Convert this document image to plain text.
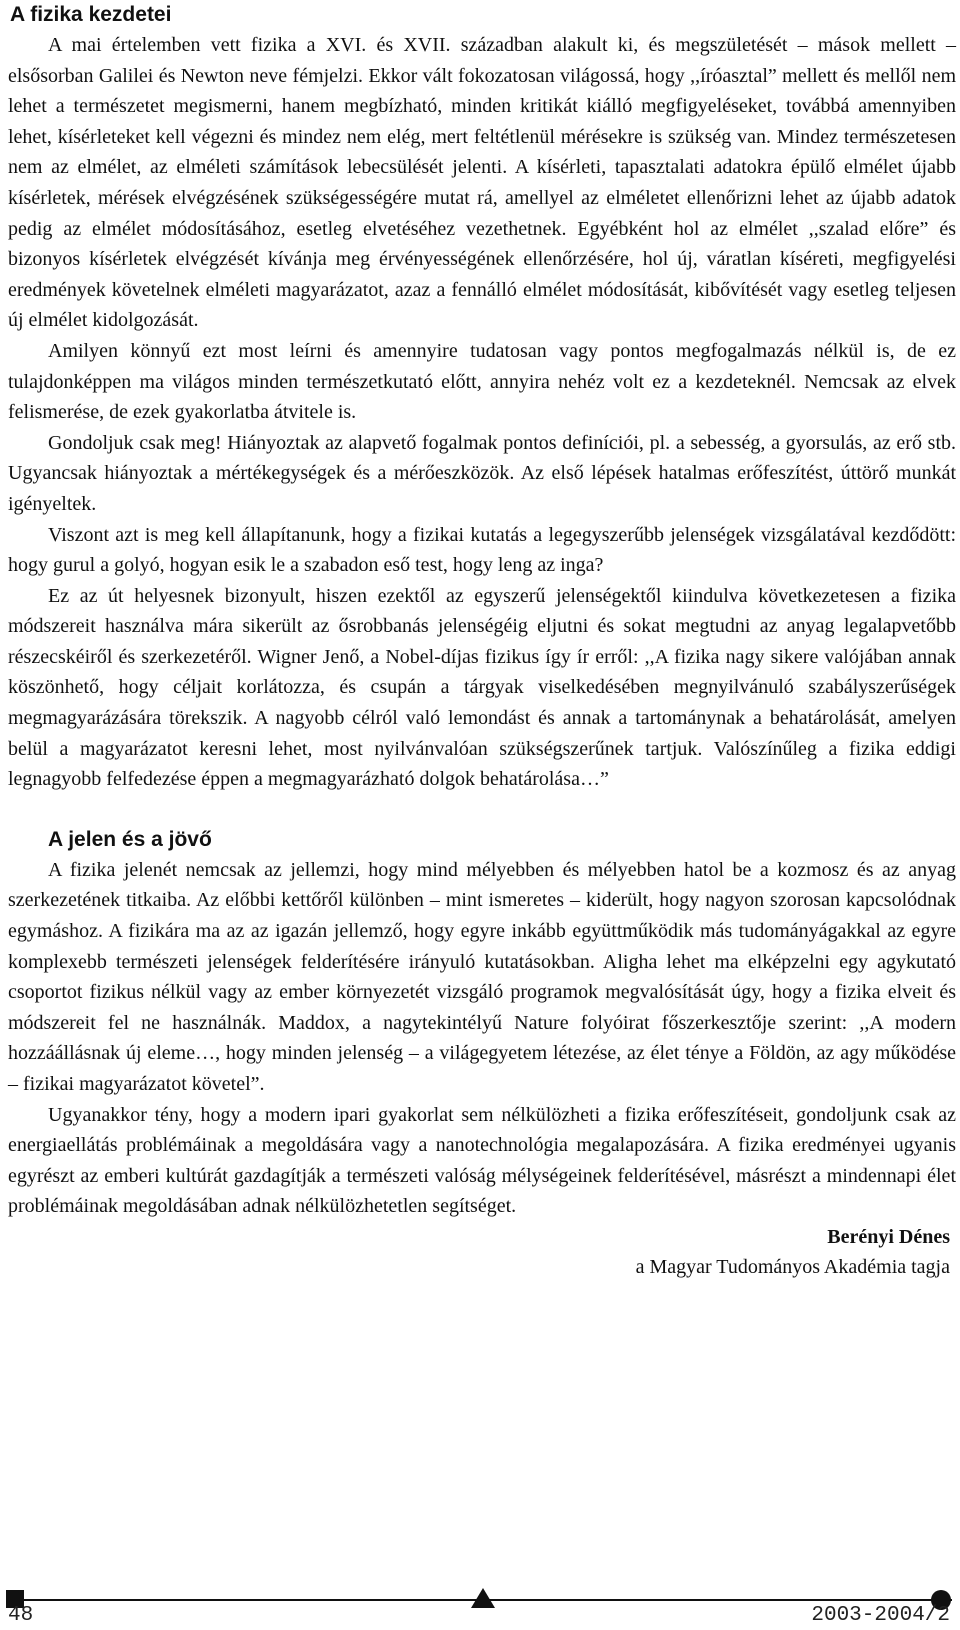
A fizika kezdetei

A mai értelemben vett fizika a XVI. és XVII. században alakult ki, és megszületését – mások mellett – elsősorban Galilei és Newton neve fémjelzi. Ekkor vált fokozatosan világossá, hogy ,,íróasztal” mellett és mellől nem lehet a természetet megismerni, hanem megbízható, minden kritikát kiálló megfigyeléseket, továbbá amennyiben lehet, kísérleteket kell végezni és mindez nem elég, mert feltétlenül mérésekre is szükség van. Mindez természetesen nem az elmélet, az elméleti számítások lebecsülését jelenti. A kísérleti, tapasztalati adatokra épülő elmélet újabb kísérletek, mérések elvégzésének szükségességére mutat rá, amellyel az elméletet ellenőrizni lehet az újabb adatok pedig az elmélet módosításához, esetleg elvetéséhez vezethetnek. Egyébként hol az elmélet ,,szalad előre” és bizonyos kísérletek elvégzését kívánja meg érvényességének ellenőrzésére, hol új, váratlan kíséreti, megfigyelési eredmények követelnek elméleti magyarázatot, azaz a fennálló elmélet módosítását, kibővítését vagy esetleg teljesen új elmélet kidolgozását.

Amilyen könnyű ezt most leírni és amennyire tudatosan vagy pontos megfogalmazás nélkül is, de ez tulajdonképpen ma világos minden természetkutató előtt, annyira nehéz volt ez a kezdeteknél. Nemcsak az elvek felismerése, de ezek gyakorlatba átvitele is.

Gondoljuk csak meg! Hiányoztak az alapvető fogalmak pontos definíciói, pl. a sebesség, a gyorsulás, az erő stb. Ugyancsak hiányoztak a mértékegységek és a mérőeszközök. Az első lépések hatalmas erőfeszítést, úttörő munkát igényeltek.

Viszont azt is meg kell állapítanunk, hogy a fizikai kutatás a legegyszerűbb jelenségek vizsgálatával kezdődött: hogy gurul a golyó, hogyan esik le a szabadon eső test, hogy leng az inga?

Ez az út helyesnek bizonyult, hiszen ezektől az egyszerű jelenségektől kiindulva következetesen a fizika módszereit használva mára sikerült az ősrobbanás jelenségéig eljutni és sokat megtudni az anyag legalapvetőbb részecskéiről és szerkezetéről. Wigner Jenő, a Nobel-díjas fizikus így ír erről: ,,A fizika nagy sikere valójában annak köszönhető, hogy céljait korlátozza, és csupán a tárgyak viselkedésében megnyilvánuló szabályszerűségek megmagyarázására törekszik. A nagyobb célról való lemondást és annak a tartománynak a behatárolását, amelyen belül a magyarázatot keresni lehet, most nyilvánvalóan szükségszerűnek tartjuk. Valószínűleg a fizika eddigi legnagyobb felfedezése éppen a megmagyarázható dolgok behatárolása…”

A jelen és a jövő

A fizika jelenét nemcsak az jellemzi, hogy mind mélyebben és mélyebben hatol be a kozmosz és az anyag szerkezetének titkaiba. Az előbbi kettőről különben – mint ismeretes – kiderült, hogy nagyon szorosan kapcsolódnak egymáshoz. A fizikára ma az az igazán jellemző, hogy egyre inkább együttműködik más tudományágakkal az egyre komplexebb természeti jelenségek felderítésére irányuló kutatásokban. Aligha lehet ma elképzelni egy agykutató csoportot fizikus nélkül vagy az ember környezetét vizsgáló programok megvalósítását úgy, hogy a fizika elveit és módszereit fel ne használnák. Maddox, a nagytekintélyű Nature folyóirat főszerkesztője szerint: ,,A modern hozzáállásnak új eleme…, hogy minden jelenség – a világegyetem létezése, az élet ténye a Földön, az agy működése – fizikai magyarázatot követel”.

Ugyanakkor tény, hogy a modern ipari gyakorlat sem nélkülözheti a fizika erőfeszítéseit, gondoljunk csak az energiaellátás problémáinak a megoldására vagy a nanotechnológia megalapozására. A fizika eredményei ugyanis egyrészt az emberi kultúrát gazdagítják a természeti valóság mélységeinek felderítésével, másrészt a mindennapi élet problémáinak megoldásában adnak nélkülözhetetlen segítséget.

Berényi Dénes

a Magyar Tudományos Akadémia tagja

48	2003-2004/2
